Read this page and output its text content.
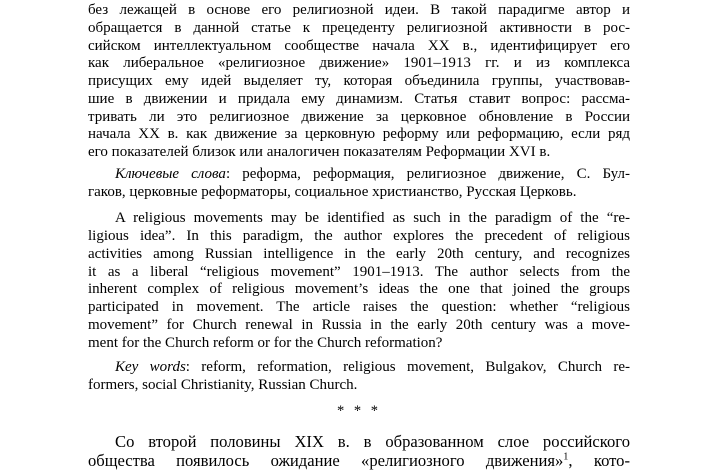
без лежащей в основе его религиозной идеи. В такой парадигме автор и
обращается в данной статье к прецеденту религиозной активности в рос-
сийском интеллектуальном сообществе начала XX в., идентифицирует его
как либеральное «религиозное движение» 1901–1913 гг. и из комплекса
присущих ему идей выделяет ту, которая объединила группы, участвовав-
шие в движении и придала ему динамизм. Статья ставит вопрос: рассма-
тривать ли это религиозное движение за церковное обновление в России
начала XX в. как движение за церковную реформу или реформацию, если ряд
его показателей близок или аналогичен показателям Реформации XVI в.
Ключевые слова: реформа, реформация, религиозное движение, С. Бул-
гаков, церковные реформаторы, социальное христианство, Русская Церковь.
A religious movements may be identified as such in the paradigm of the “re-
ligious idea”. In this paradigm, the author explores the precedent of religious
activities among Russian intelligence in the early 20th century, and recognizes
it as a liberal “religious movement” 1901–1913. The author selects from the
inherent complex of religious movement’s ideas the one that joined the groups
participated in movement. The article raises the question: whether “religious
movement” for Church renewal in Russia in the early 20th century was a move-
ment for the Church reform or for the Church reformation?
Key words: reform, reformation, religious movement, Bulgakov, Church re-
formers, social Christianity, Russian Church.
* * *
Со второй половины XIX в. в образованном слое российского
общества появилось ожидание «религиозного движения»$^1$, кото-
